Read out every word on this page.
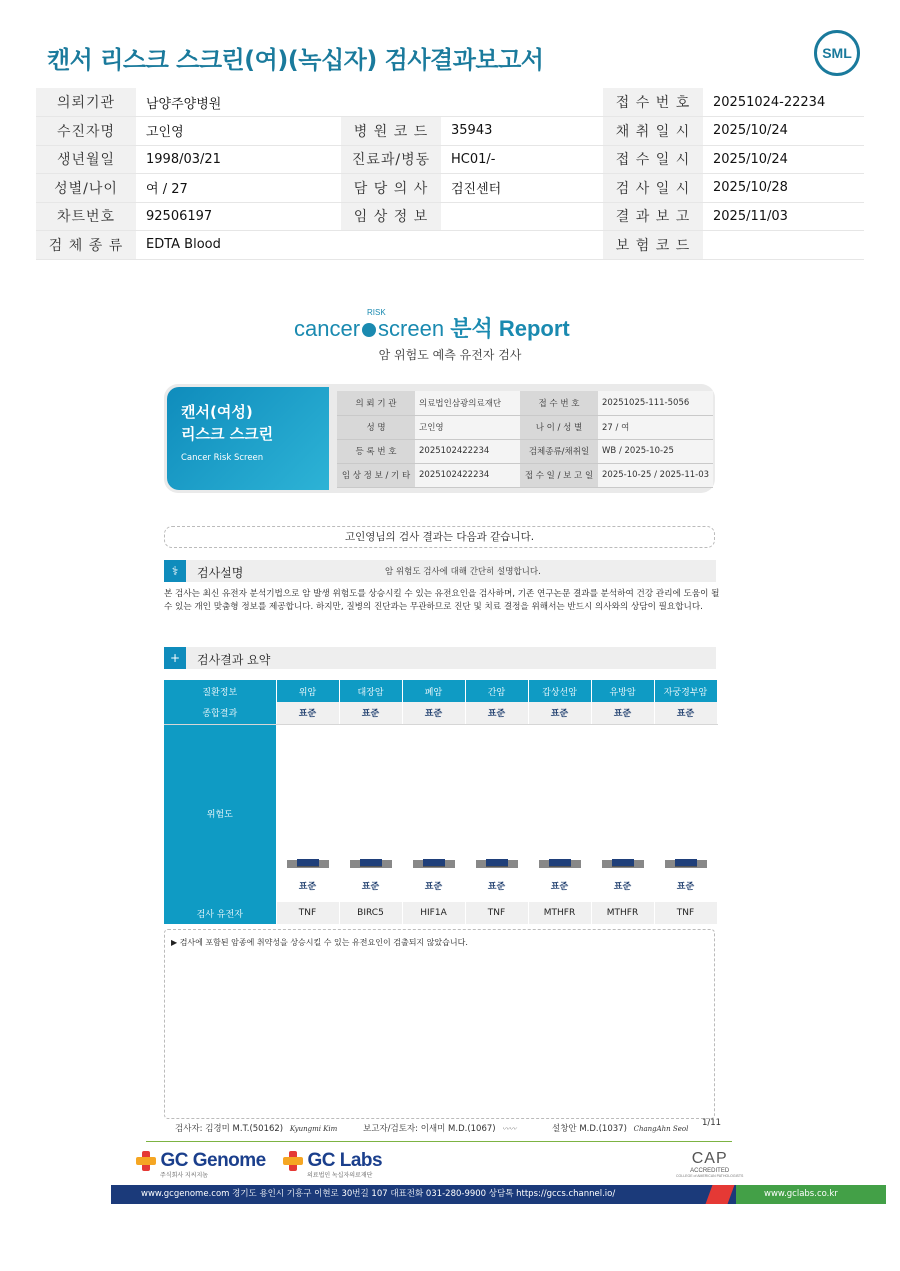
캔서 리스크 스크린(여)(녹십자) 검사결과보고서	SML
의뢰기관	남양주양병원			접 수 번 호	20251024-22234
수진자명	고인영	병 원 코 드	35943	채 취 일 시	2025/10/24
생년월일	1998/03/21	진료과/병동	HC01/-	접 수 일 시	2025/10/24
성별/나이	여 / 27	담 당 의 사	검진센터	검 사 일 시	2025/10/28
차트번호	92506197	임 상 정 보		결 과 보 고	2025/11/03
검 체 종 류	EDTA Blood			보 험 코 드	
cancer
RISK
screen 분석 Report
암 위험도 예측 유전자 검사
캔서(여성)
리스크 스크린
Cancer Risk Screen
의 뢰 기 관	의료법인삼광의료재단	접 수 번 호	20251025-111-5056
성 명	고인영	나 이 / 성 별	27 / 여
등 록 번 호	2025102422234	검체종류/채취일	WB / 2025-10-25
임 상 정 보 / 기 타	2025102422234	접 수 일 / 보 고 일	2025-10-25 / 2025-11-03
고인영님의 검사 결과는 다음과 같습니다.
⚕	검사설명	암 위험도 검사에 대해 간단히 설명합니다.
본 검사는 최신 유전자 분석기법으로 암 발생 위험도를 상승시킬 수 있는 유전요인을 검사하며, 기존 연구논문 결과를 분석하여 건강 관리에 도움이 될 수 있는 개인 맞춤형 정보를 제공합니다. 하지만, 질병의 진단과는 무관하므로 진단 및 치료 결정을 위해서는 반드시 의사와의 상담이 필요합니다.
+	검사결과 요약
질환정보	위암	대장암	폐암	간암	갑상선암	유방암	자궁경부암
종합결과	표준	표준	표준	표준	표준	표준	표준
위험도	표준	표준	표준	표준	표준	표준	표준

검사 유전자	TNF	BIRC5	HIF1A	TNF	MTHFR	MTHFR	TNF
▶ 검사에 포함된 암종에 취약성을 상승시킬 수 있는 유전요인이 검출되지 않았습니다.
검사자: 김경미 M.T.(50162) Kyungmi Kim	보고자/검토자: 이새미 M.D.(1067) 〰〰	설창안 M.D.(1037) ChangAhn Seol
1/11
GC Genome
주식회사 지씨지놈
GC Labs
의료법인 녹십자의료재단
CAP
ACCREDITED
COLLEGE of AMERICAN PATHOLOGISTS
www.gcgenome.com 경기도 용인시 기흥구 이현로 30번길 107 대표전화 031-280-9900 상담톡 https://gccs.channel.io/	www.gclabs.co.kr
